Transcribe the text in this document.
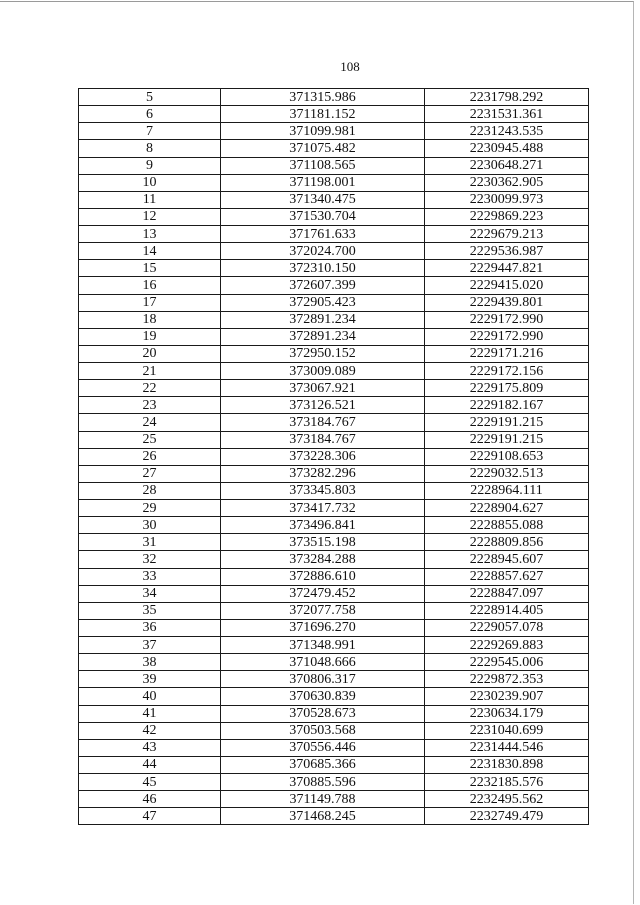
108
5	371315.986	2231798.292
6	371181.152	2231531.361
7	371099.981	2231243.535
8	371075.482	2230945.488
9	371108.565	2230648.271
10	371198.001	2230362.905
11	371340.475	2230099.973
12	371530.704	2229869.223
13	371761.633	2229679.213
14	372024.700	2229536.987
15	372310.150	2229447.821
16	372607.399	2229415.020
17	372905.423	2229439.801
18	372891.234	2229172.990
19	372891.234	2229172.990
20	372950.152	2229171.216
21	373009.089	2229172.156
22	373067.921	2229175.809
23	373126.521	2229182.167
24	373184.767	2229191.215
25	373184.767	2229191.215
26	373228.306	2229108.653
27	373282.296	2229032.513
28	373345.803	2228964.111
29	373417.732	2228904.627
30	373496.841	2228855.088
31	373515.198	2228809.856
32	373284.288	2228945.607
33	372886.610	2228857.627
34	372479.452	2228847.097
35	372077.758	2228914.405
36	371696.270	2229057.078
37	371348.991	2229269.883
38	371048.666	2229545.006
39	370806.317	2229872.353
40	370630.839	2230239.907
41	370528.673	2230634.179
42	370503.568	2231040.699
43	370556.446	2231444.546
44	370685.366	2231830.898
45	370885.596	2232185.576
46	371149.788	2232495.562
47	371468.245	2232749.479
